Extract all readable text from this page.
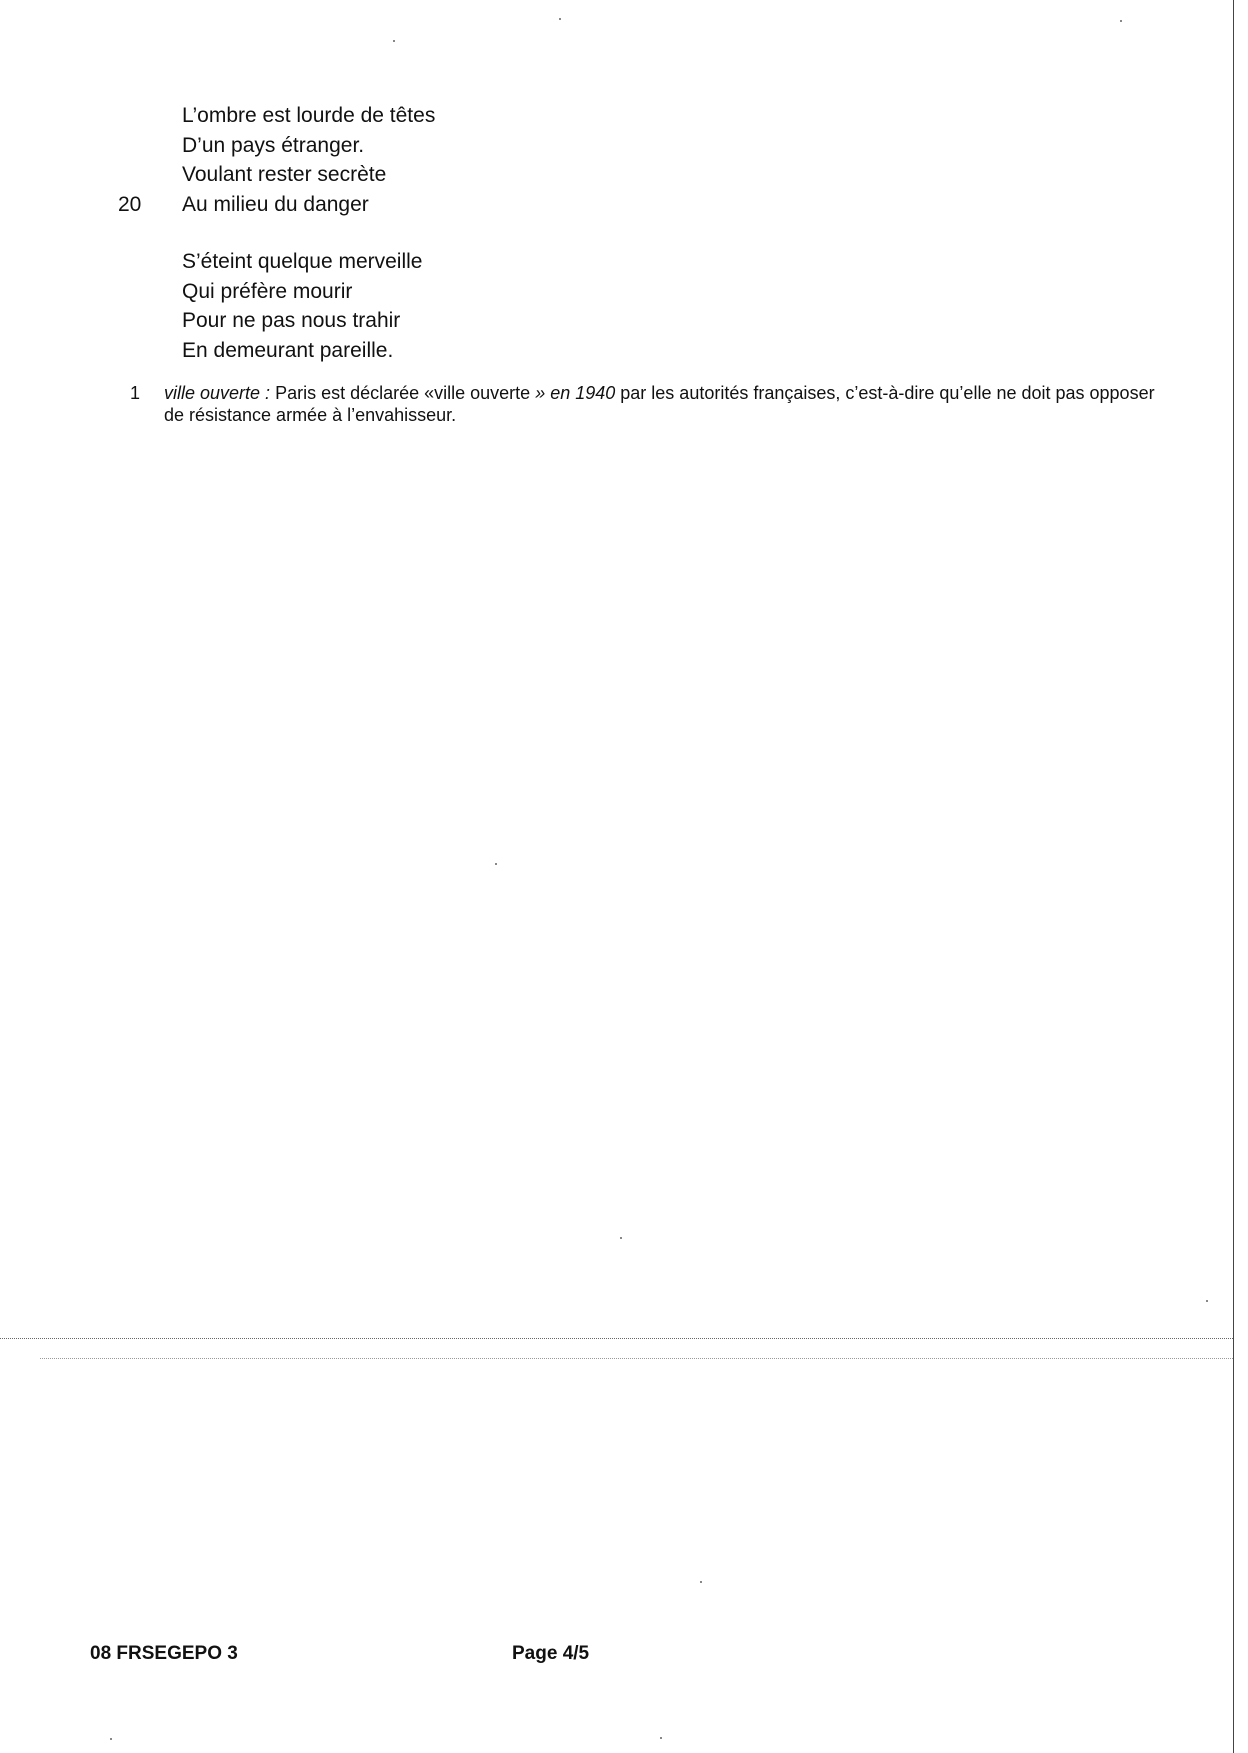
L’ombre est lourde de têtes
D’un pays étranger.
Voulant rester secrète
Au milieu du danger
S’éteint quelque merveille
Qui préfère mourir
Pour ne pas nous trahir
En demeurant pareille.
20
1 ville ouverte : Paris est déclarée «ville ouverte » en 1940 par les autorités françaises, c’est-à-dire qu’elle ne doit pas opposer de résistance armée à l’envahisseur.
08 FRSEGEPO 3	Page 4/5
